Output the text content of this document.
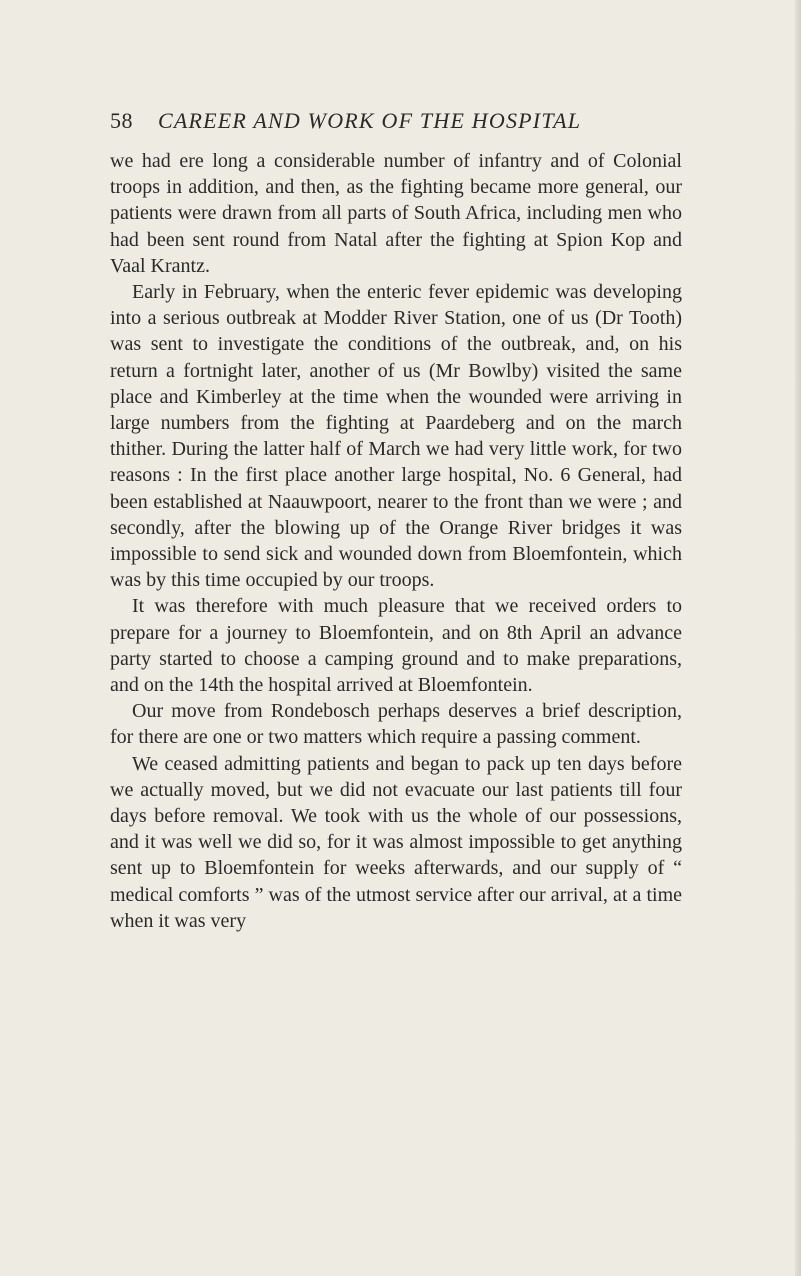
58 CAREER AND WORK OF THE HOSPITAL

we had ere long a considerable number of infantry and of Colonial troops in addition, and then, as the fighting became more general, our patients were drawn from all parts of South Africa, including men who had been sent round from Natal after the fighting at Spion Kop and Vaal Krantz.

Early in February, when the enteric fever epidemic was developing into a serious outbreak at Modder River Station, one of us (Dr Tooth) was sent to investigate the conditions of the outbreak, and, on his return a fortnight later, another of us (Mr Bowlby) visited the same place and Kimberley at the time when the wounded were arriving in large numbers from the fighting at Paardeberg and on the march thither. During the latter half of March we had very little work, for two reasons : In the first place another large hospital, No. 6 General, had been established at Naauwpoort, nearer to the front than we were ; and secondly, after the blowing up of the Orange River bridges it was impossible to send sick and wounded down from Bloemfontein, which was by this time occupied by our troops.

It was therefore with much pleasure that we received orders to prepare for a journey to Bloemfontein, and on 8th April an advance party started to choose a camping ground and to make preparations, and on the 14th the hospital arrived at Bloemfontein.

Our move from Rondebosch perhaps deserves a brief description, for there are one or two matters which require a passing comment.

We ceased admitting patients and began to pack up ten days before we actually moved, but we did not evacuate our last patients till four days before removal. We took with us the whole of our possessions, and it was well we did so, for it was almost impossible to get anything sent up to Bloemfontein for weeks afterwards, and our supply of “ medical comforts ” was of the utmost service after our arrival, at a time when it was very
